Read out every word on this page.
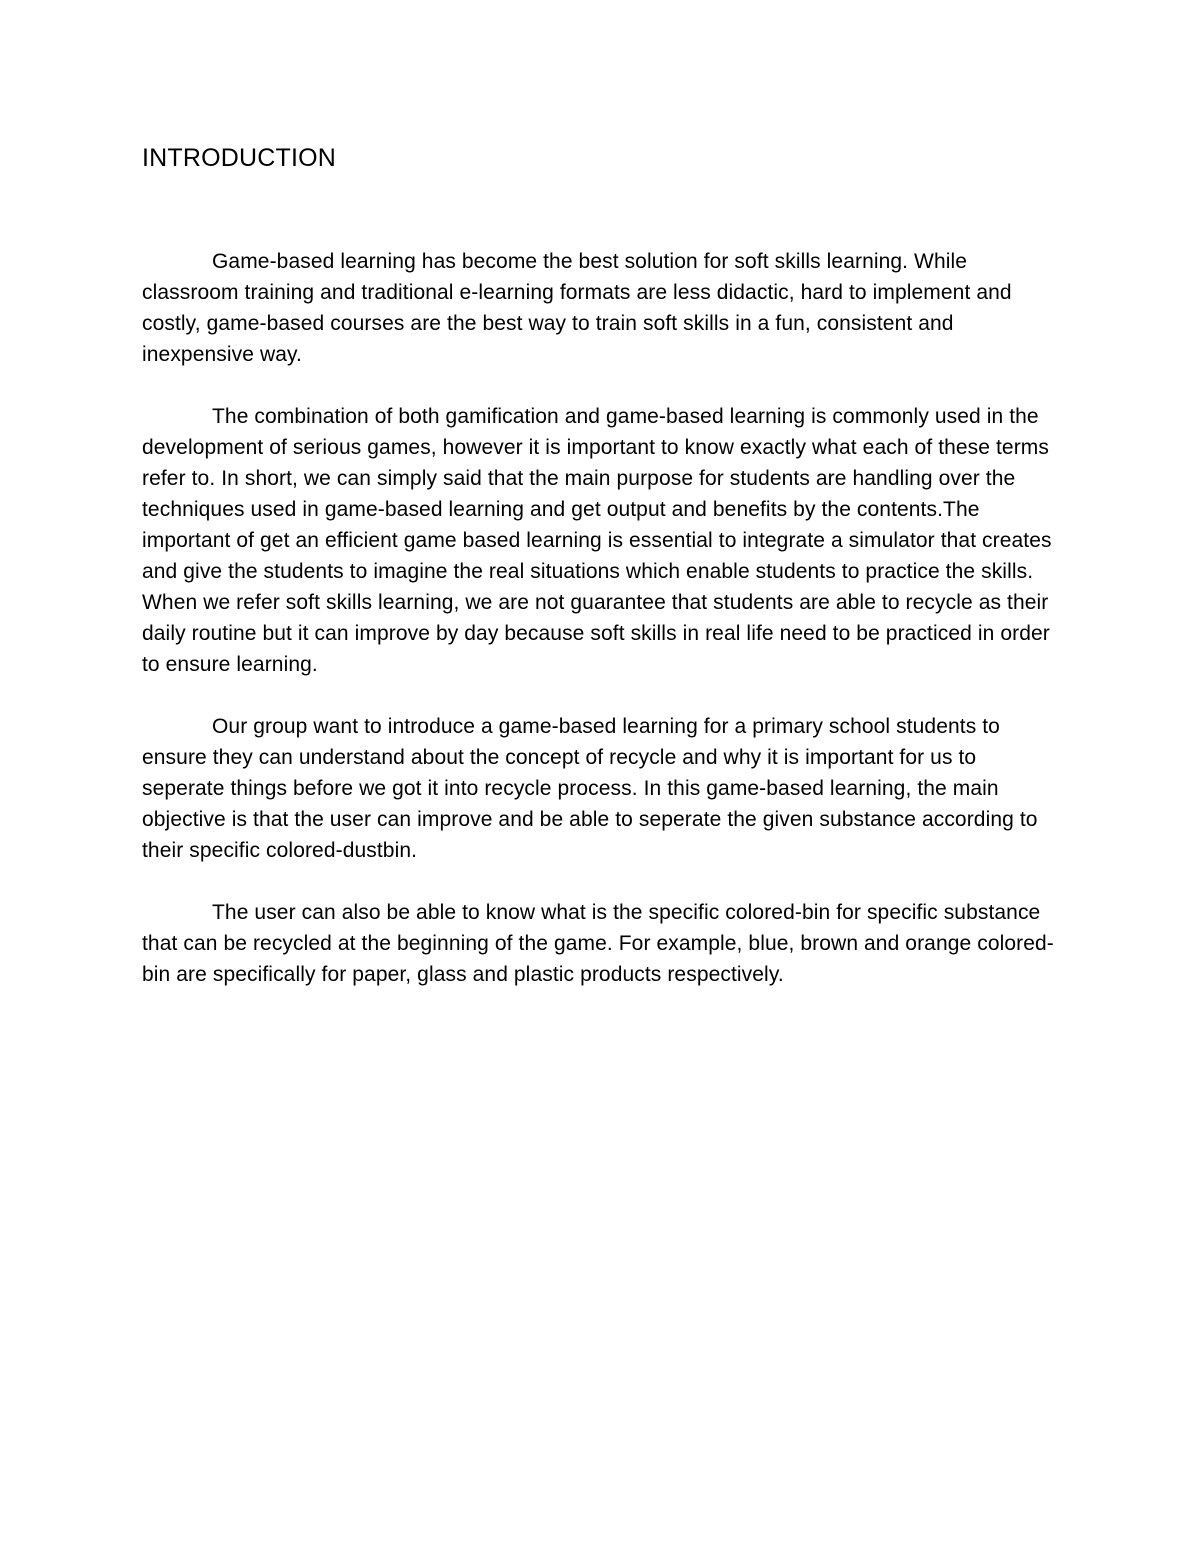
INTRODUCTION

Game-based learning has become the best solution for soft skills learning. While classroom training and traditional e-learning formats are less didactic, hard to implement and costly, game-based courses are the best way to train soft skills in a fun, consistent and inexpensive way.

The combination of both gamification and game-based learning is commonly used in the development of serious games, however it is important to know exactly what each of these terms refer to. In short, we can simply said that the main purpose for students are handling over the techniques used in game-based learning and get output and benefits by the contents.The important of get an efficient game based learning is essential to integrate a simulator that creates and give the students to imagine the real situations which enable students to practice the skills. When we refer soft skills learning, we are not guarantee that students are able to recycle as their daily routine but it can improve by day because soft skills in real life need to be practiced in order to ensure learning.

Our group want to introduce a game-based learning for a primary school students to ensure they can understand about the concept of recycle and why it is important for us to seperate things before we got it into recycle process. In this game-based learning, the main objective is that the user can improve and be able to seperate the given substance according to their specific colored-dustbin.

The user can also be able to know what is the specific colored-bin for specific substance that can be recycled at the beginning of the game. For example, blue, brown and orange colored-bin are specifically for paper, glass and plastic products respectively.
